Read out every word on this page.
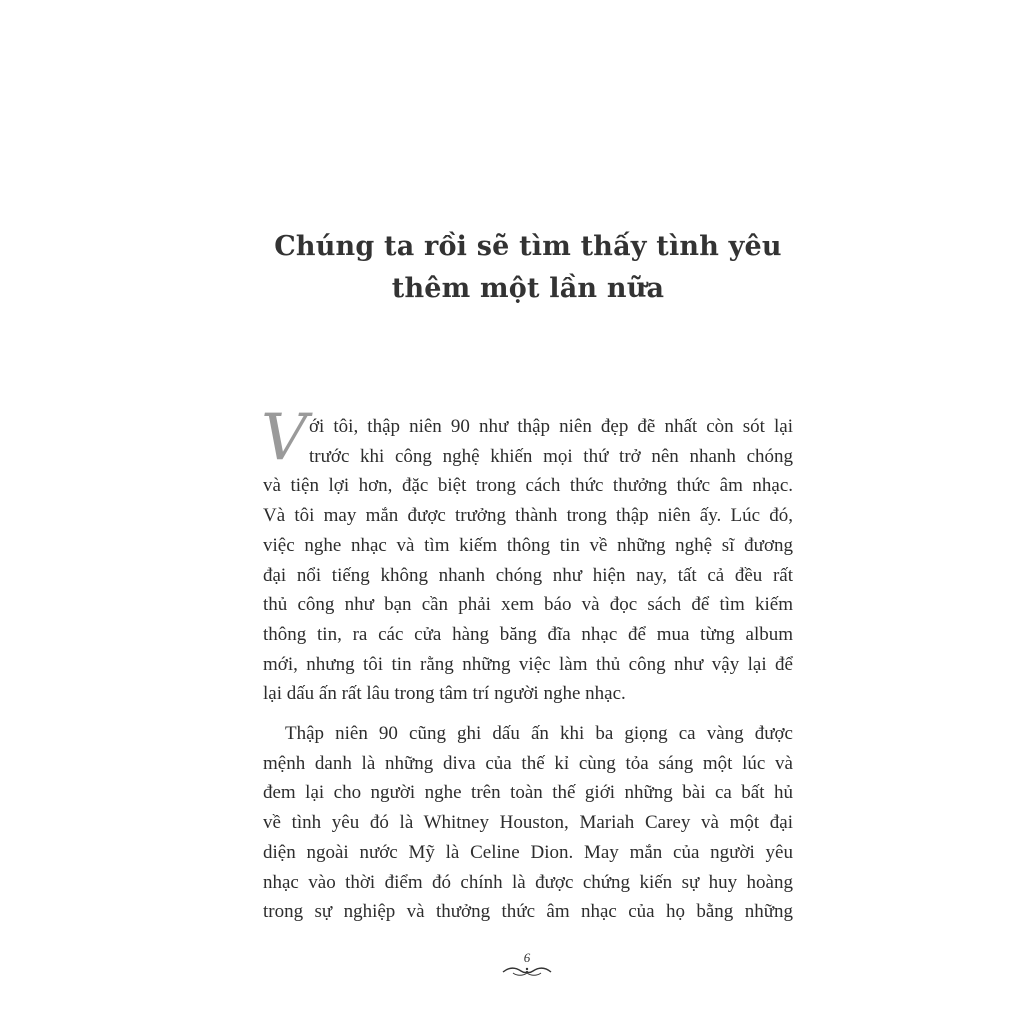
Chúng ta rồi sẽ tìm thấy tình yêu
thêm một lần nữa
V ới tôi, thập niên 90 như thập niên đẹp đẽ nhất còn sót lại
trước khi công nghệ khiến mọi thứ trở nên nhanh chóng
và tiện lợi hơn, đặc biệt trong cách thức thưởng thức âm nhạc.
Và tôi may mắn được trưởng thành trong thập niên ấy. Lúc đó,
việc nghe nhạc và tìm kiếm thông tin về những nghệ sĩ đương
đại nổi tiếng không nhanh chóng như hiện nay, tất cả đều rất
thủ công như bạn cần phải xem báo và đọc sách để tìm kiếm
thông tin, ra các cửa hàng băng đĩa nhạc để mua từng album
mới, nhưng tôi tin rằng những việc làm thủ công như vậy lại để
lại dấu ấn rất lâu trong tâm trí người nghe nhạc.

Thập niên 90 cũng ghi dấu ấn khi ba giọng ca vàng được
mệnh danh là những diva của thế kỉ cùng tỏa sáng một lúc và
đem lại cho người nghe trên toàn thế giới những bài ca bất hủ
về tình yêu đó là Whitney Houston, Mariah Carey và một đại
diện ngoài nước Mỹ là Celine Dion. May mắn của người yêu
nhạc vào thời điểm đó chính là được chứng kiến sự huy hoàng
trong sự nghiệp và thưởng thức âm nhạc của họ bằng những

6
